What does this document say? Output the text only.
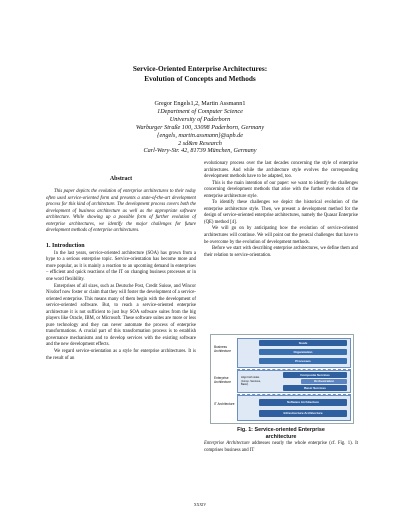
Service-Oriented Enterprise Architectures:
Evolution of Concepts and Methods
Gregor Engels1,2, Martin Assmann1
1Department of Computer Science
University of Paderborn
Warburger Straße 100, 33098 Paderborn, Germany
{engels, martin.assmann}@upb.de
2 sd&m Research
Carl-Wery-Str. 42, 81739 München, Germany
Abstract

This paper depicts the evolution of enterprise architectures to their today often used service-oriented form and presents a state-of-the-art development process for this kind of architecture. The development process covers both the development of business architecture as well as the appropriate software architecture. While showing up a possible form of further evolution of enterprise architectures, we identify the major challenges for future development methods of enterprise architectures.

1. Introduction

In the last years, service-oriented architecture (SOA) has grown from a hype to a serious enterprise topic. Service-orientation has become more and more popular, as it is mainly a reaction to an upcoming demand in enterprises – efficient and quick reactions of the IT on changing business processes or in one word flexibility.

Enterprises of all sizes, such as Deutsche Post, Credit Suisse, and Wincor Nixdorf now foster or claim that they will foster the development of a service-oriented enterprise. This means many of them begin with the development of service-oriented software. But, to reach a service-oriented enterprise architecture it is not sufficient to just buy SOA software suites from the big players like Oracle, IBM, or Microsoft. These software suites are more or less pure technology and they can never automate the process of enterprise transformations. A crucial part of this transformation process is to establish governance mechanisms and to develop services with the existing software and the new development effects.

We regard service-orientation as a style for enterprise architectures. It is the result of an

evolutionary process over the last decades concerning the style of enterprise architectures. And while the architecture style evolves the corresponding development methods have to be adapted, too.

This is the main intention of our paper: we want to identify the challenges concerning development methods that arise with the further evolution of the enterprise architecture style.

To identify these challenges we depict the historical evolution of the enterprise architecture style. Then, we present a development method for the design of service-oriented enterprise architectures, namely the Quasar Enterprise (QE) method [4].

We will go on by anticipating how the evolution of service-oriented architectures will continue. We will point out the general challenges that have to be overcome by the evolution of development methods.

Before we start with describing enterprise architectures, we define them and their relation to service-orientation.

Business Architecture
Enterprise Architecture
IT Architecture
Goals
Organization
Processes
Align both sides (Comp. Services, Basic)
Composite Services
Orchestration
Basic Services
Software Architecture
Infrastructure Architecture
Fig. 1: Service-oriented Enterprise
architecture

Enterprise Architecture addresses nearly the whole enterprise (cf. Fig. 1). It comprises business and IT

XXXIV
